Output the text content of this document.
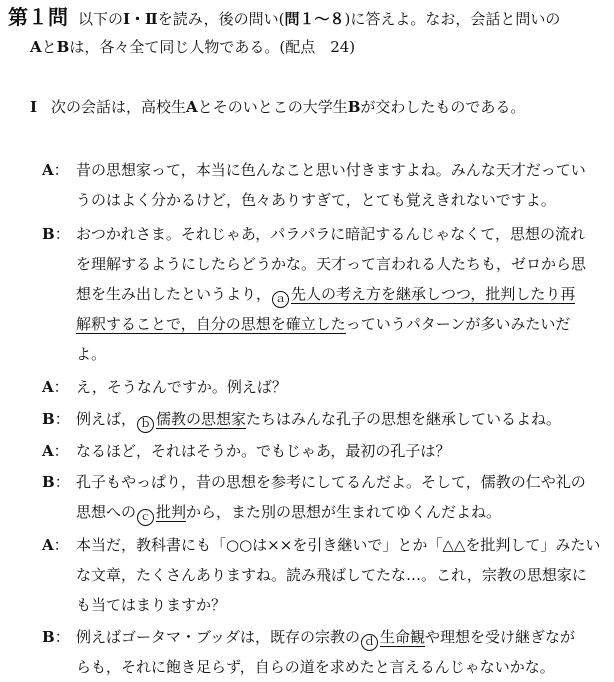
第１問 以下のⅠ・Ⅱを読み，後の問い(問１～８)に答えよ。なお，会話と問いの
AとBは，各々全て同じ人物である。(配点　24)
Ⅰ 次の会話は，高校生Aとそのいとこの大学生Bが交わしたものである。
A： 昔の思想家って，本当に色んなこと思い付きますよね。みんな天才だってい
うのはよく分かるけど，色々ありすぎて，とても覚えきれないですよ。
B： おつかれさま。それじゃあ，パラパラに暗記するんじゃなくて，思想の流れ
を理解するようにしたらどうかな。天才って言われる人たちも，ゼロから思
想を生み出したというより， ａ 先人の考え方を継承しつつ，批判したり再
解釈することで，自分の思想を確立したっていうパターンが多いみたいだ
よ。
A： え，そうなんですか。例えば？
B： 例えば， ｂ 儒教の思想家たちはみんな孔子の思想を継承しているよね。
A： なるほど，それはそうか。でもじゃあ，最初の孔子は？
B： 孔子もやっぱり，昔の思想を参考にしてるんだよ。そして，儒教の仁や礼の
思想への ｃ 批判から，また別の思想が生まれてゆくんだよね。
A： 本当だ，教科書にも「○○は××を引き継いで」とか「△△を批判して」みたい
な文章，たくさんありますね。読み飛ばしてたな…。これ，宗教の思想家に
も当てはまりますか？
B： 例えばゴータマ・ブッダは，既存の宗教の ｄ 生命観や理想を受け継ぎなが
らも，それに飽き足らず，自らの道を求めたと言えるんじゃないかな。
